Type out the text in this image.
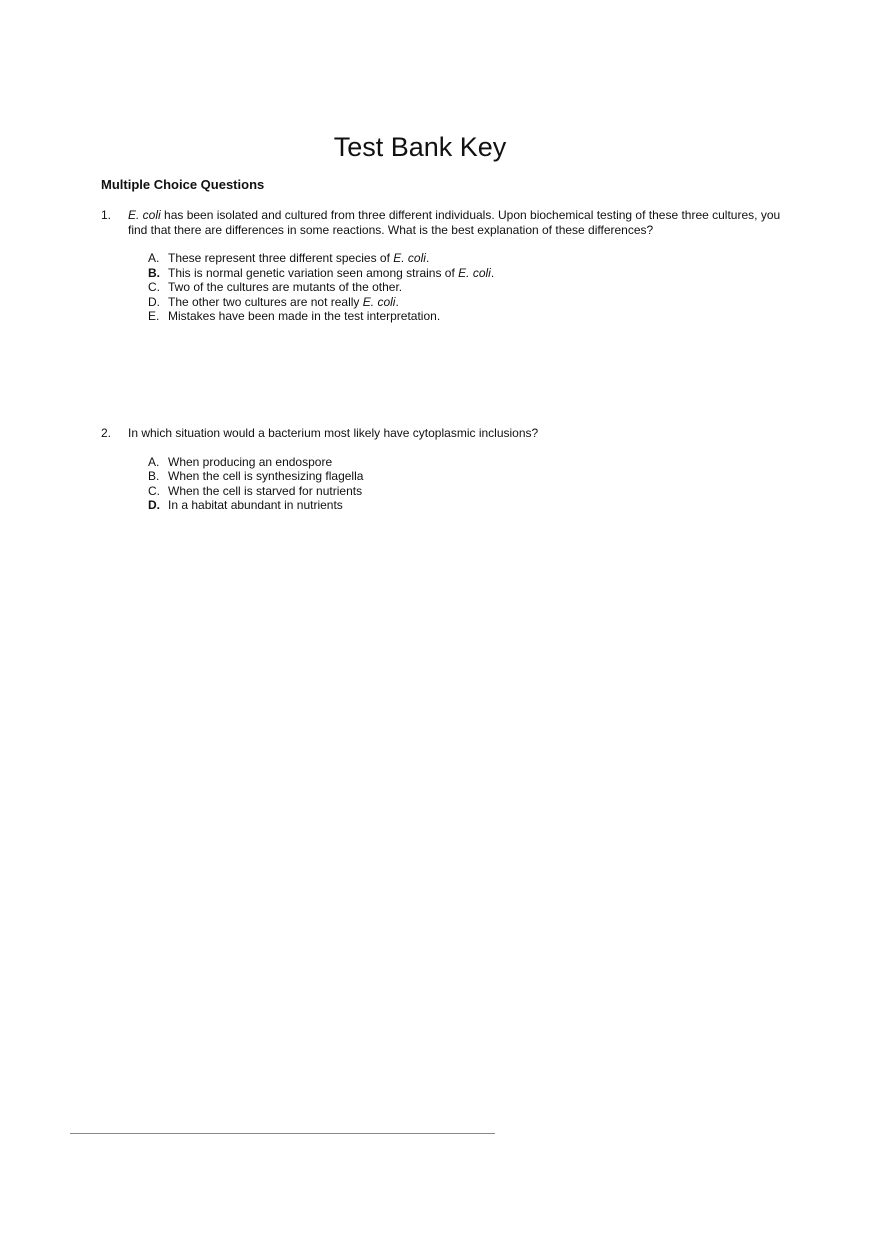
Test Bank Key
Multiple Choice Questions
1. E. coli has been isolated and cultured from three different individuals. Upon biochemical testing of these three cultures, you find that there are differences in some reactions. What is the best explanation of these differences?
A. These represent three different species of E. coli.
B. This is normal genetic variation seen among strains of E. coli.
C. Two of the cultures are mutants of the other.
D. The other two cultures are not really E. coli.
E. Mistakes have been made in the test interpretation.
2. In which situation would a bacterium most likely have cytoplasmic inclusions?
A. When producing an endospore
B. When the cell is synthesizing flagella
C. When the cell is starved for nutrients
D. In a habitat abundant in nutrients
